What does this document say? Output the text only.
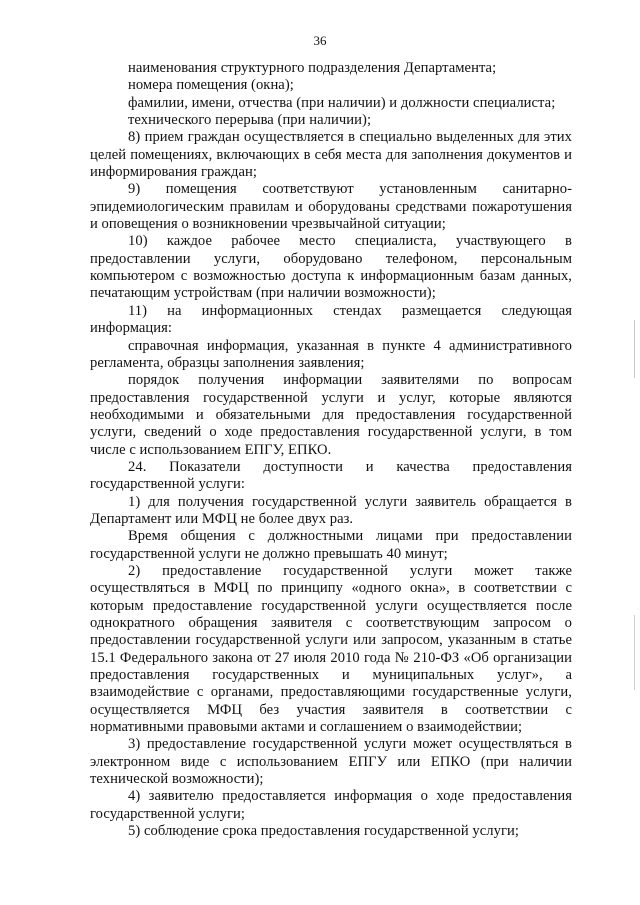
36

наименования структурного подразделения Департамента;

номера помещения (окна);

фамилии, имени, отчества (при наличии) и должности специалиста;

технического перерыва (при наличии);

8) прием граждан осуществляется в специально выделенных для этих целей помещениях, включающих в себя места для заполнения документов и информирования граждан;

9) помещения соответствуют установленным санитарно-эпидемиологическим правилам и оборудованы средствами пожаротушения и оповещения о возникновении чрезвычайной ситуации;

10) каждое рабочее место специалиста, участвующего в предоставлении услуги, оборудовано телефоном, персональным компьютером с возможностью доступа к информационным базам данных, печатающим устройствам (при наличии возможности);

11) на информационных стендах размещается следующая информация:

справочная информация, указанная в пункте 4 административного регламента, образцы заполнения заявления;

порядок получения информации заявителями по вопросам предоставления государственной услуги и услуг, которые являются необходимыми и обязательными для предоставления государственной услуги, сведений о ходе предоставления государственной услуги, в том числе с использованием ЕПГУ, ЕПКО.

24. Показатели доступности и качества предоставления государственной услуги:

1) для получения государственной услуги заявитель обращается в Департамент или МФЦ не более двух раз.

Время общения с должностными лицами при предоставлении государственной услуги не должно превышать 40 минут;

2) предоставление государственной услуги может также осуществляться в МФЦ по принципу «одного окна», в соответствии с которым предоставление государственной услуги осуществляется после однократного обращения заявителя с соответствующим запросом о предоставлении государственной услуги или запросом, указанным в статье 15.1 Федерального закона от 27 июля 2010 года № 210-ФЗ «Об организации предоставления государственных и муниципальных услуг», а взаимодействие с органами, предоставляющими государственные услуги, осуществляется МФЦ без участия заявителя в соответствии с нормативными правовыми актами и соглашением о взаимодействии;

3) предоставление государственной услуги может осуществляться в электронном виде с использованием ЕПГУ или ЕПКО (при наличии технической возможности);

4) заявителю предоставляется информация о ходе предоставления государственной услуги;

5) соблюдение срока предоставления государственной услуги;
